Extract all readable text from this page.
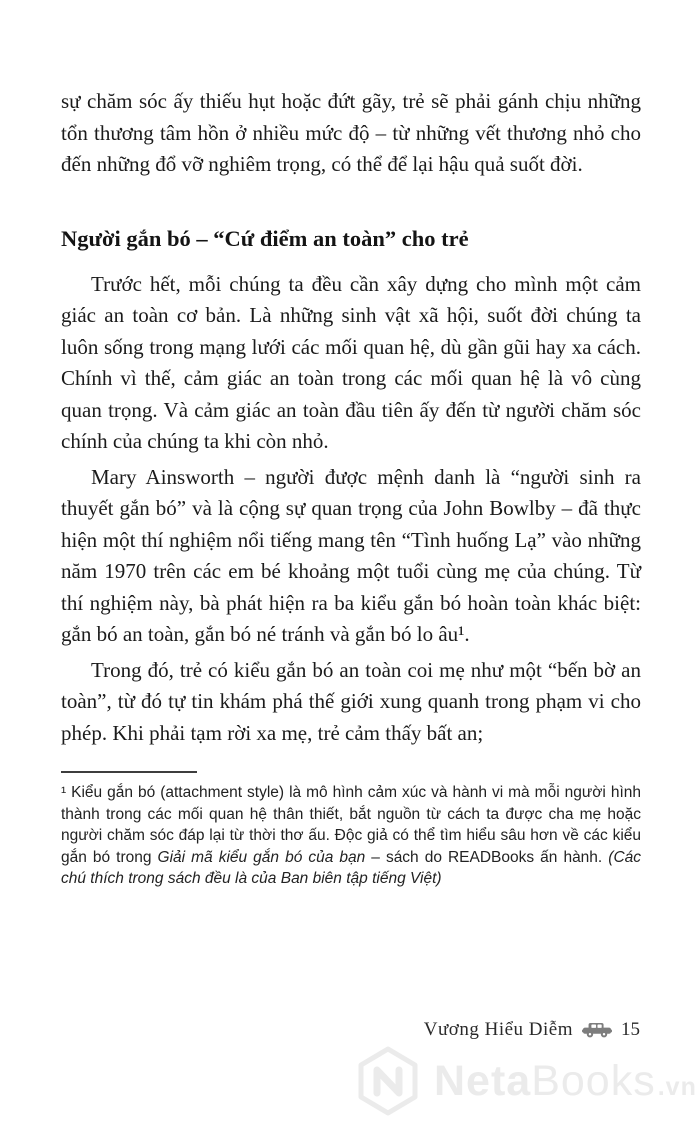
sự chăm sóc ấy thiếu hụt hoặc đứt gãy, trẻ sẽ phải gánh chịu những tổn thương tâm hồn ở nhiều mức độ – từ những vết thương nhỏ cho đến những đổ vỡ nghiêm trọng, có thể để lại hậu quả suốt đời.

Người gắn bó – “Cứ điểm an toàn” cho trẻ

Trước hết, mỗi chúng ta đều cần xây dựng cho mình một cảm giác an toàn cơ bản. Là những sinh vật xã hội, suốt đời chúng ta luôn sống trong mạng lưới các mối quan hệ, dù gần gũi hay xa cách. Chính vì thế, cảm giác an toàn trong các mối quan hệ là vô cùng quan trọng. Và cảm giác an toàn đầu tiên ấy đến từ người chăm sóc chính của chúng ta khi còn nhỏ.

Mary Ainsworth – người được mệnh danh là “người sinh ra thuyết gắn bó” và là cộng sự quan trọng của John Bowlby – đã thực hiện một thí nghiệm nổi tiếng mang tên “Tình huống Lạ” vào những năm 1970 trên các em bé khoảng một tuổi cùng mẹ của chúng. Từ thí nghiệm này, bà phát hiện ra ba kiểu gắn bó hoàn toàn khác biệt: gắn bó an toàn, gắn bó né tránh và gắn bó lo âu¹.

Trong đó, trẻ có kiểu gắn bó an toàn coi mẹ như một “bến bờ an toàn”, từ đó tự tin khám phá thế giới xung quanh trong phạm vi cho phép. Khi phải tạm rời xa mẹ, trẻ cảm thấy bất an;

¹ Kiểu gắn bó (attachment style) là mô hình cảm xúc và hành vi mà mỗi người hình thành trong các mối quan hệ thân thiết, bắt nguồn từ cách ta được cha mẹ hoặc người chăm sóc đáp lại từ thời thơ ấu. Độc giả có thể tìm hiểu sâu hơn về các kiểu gắn bó trong Giải mã kiểu gắn bó của bạn – sách do READBooks ấn hành. (Các chú thích trong sách đều là của Ban biên tập tiếng Việt)

Vương Hiểu Diễm	15
NetaBooks.vn
